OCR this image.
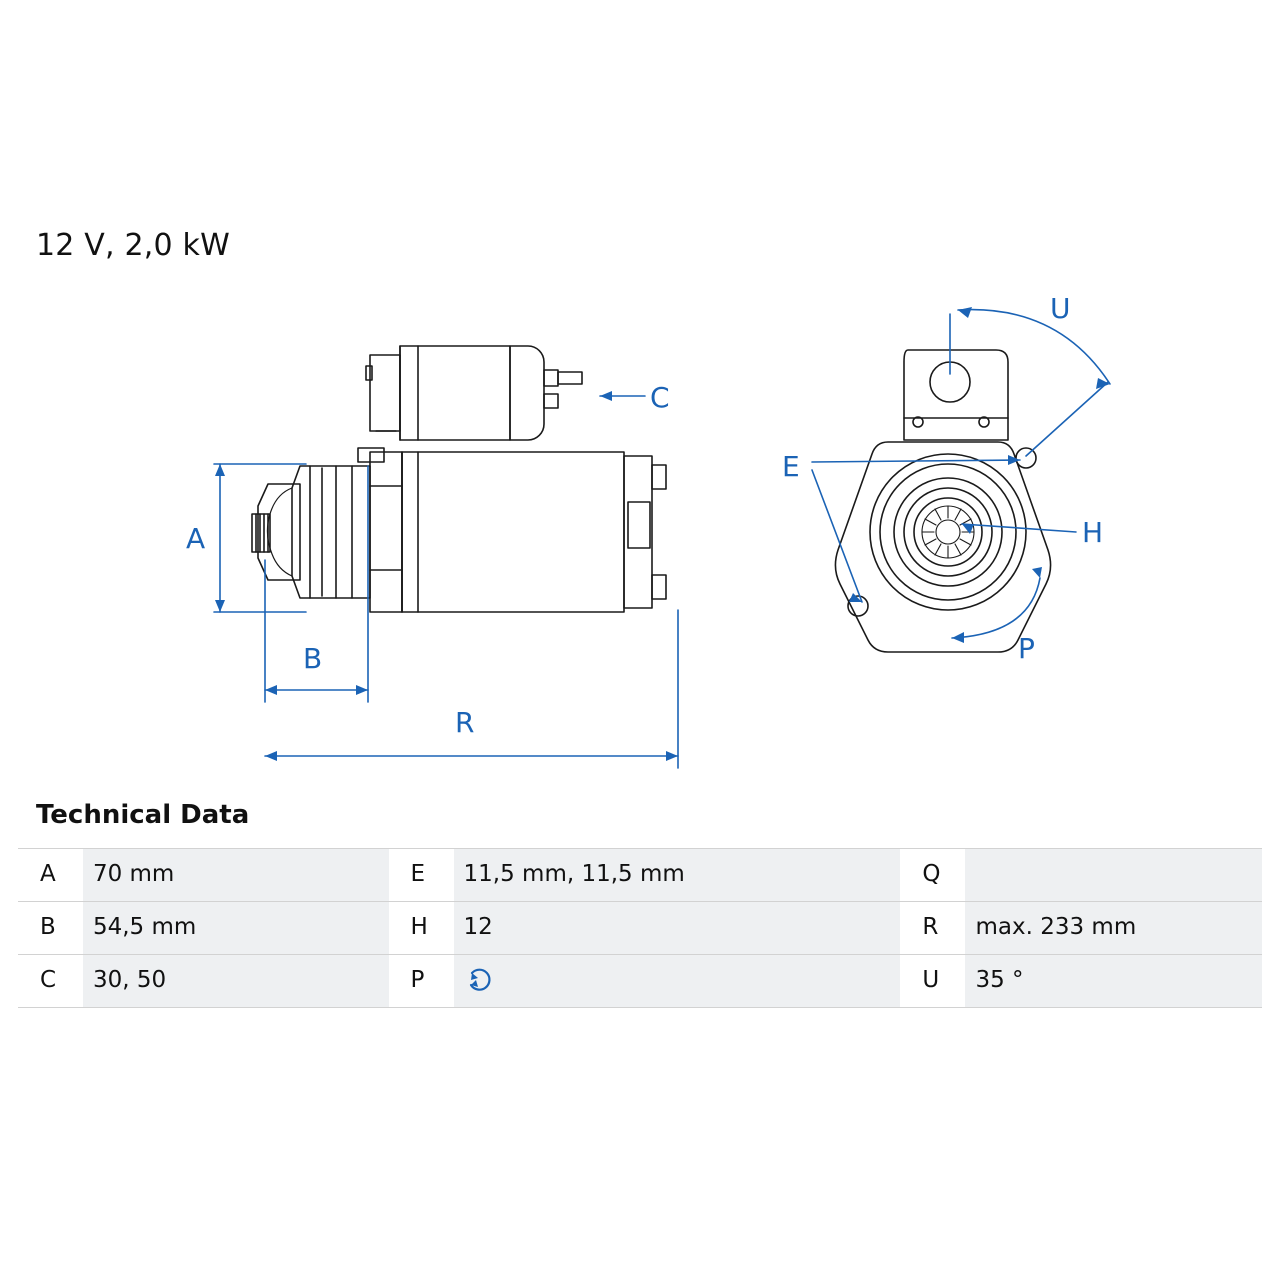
12 V, 2,0 kW
A
B
R
C
U
E
H
P
Technical Data
A	70 mm	E	11,5 mm, 11,5 mm	Q	
B	54,5 mm	H	12	R	max. 233 mm
C	30, 50	P		U	35 °
